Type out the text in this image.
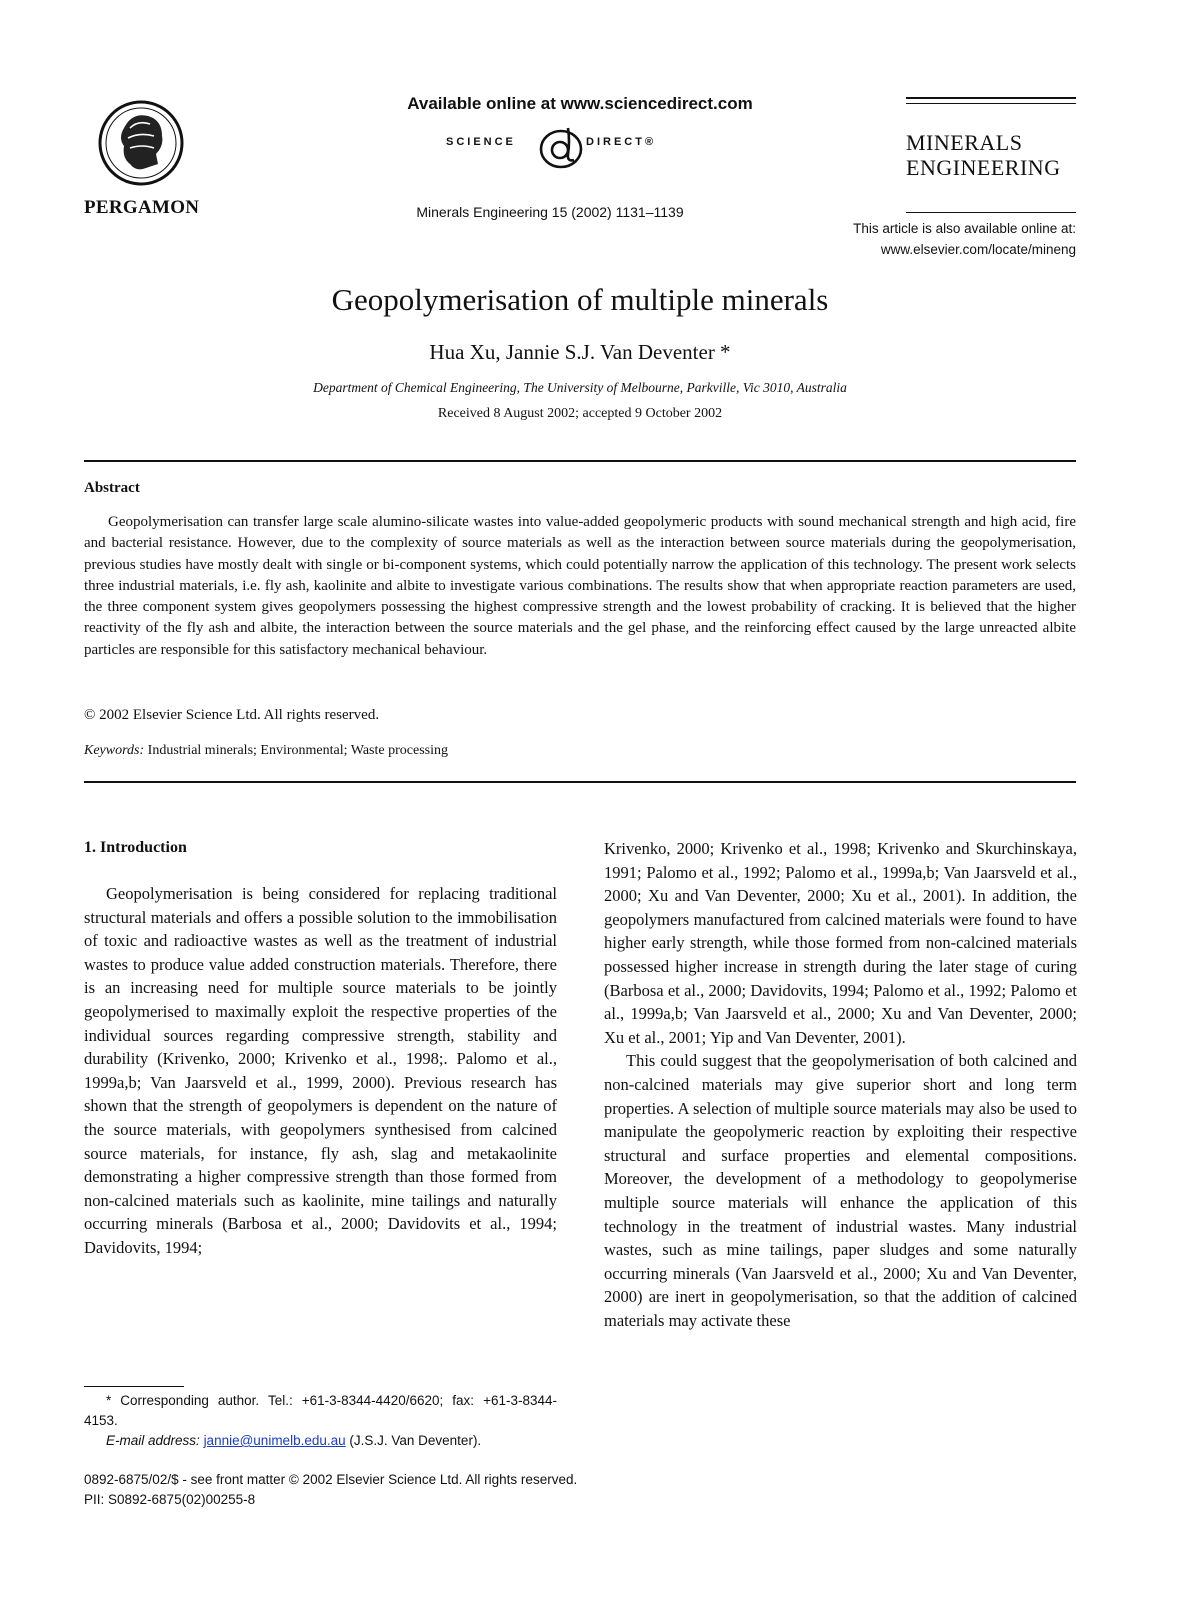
PERGAMON
Available online at www.sciencedirect.com
SCIENCE	DIRECT®
Minerals Engineering 15 (2002) 1131–1139
MINERALS
ENGINEERING
This article is also available online at:
www.elsevier.com/locate/mineng
Geopolymerisation of multiple minerals
Hua Xu, Jannie S.J. Van Deventer *
Department of Chemical Engineering, The University of Melbourne, Parkville, Vic 3010, Australia
Received 8 August 2002; accepted 9 October 2002
Abstract

Geopolymerisation can transfer large scale alumino-silicate wastes into value-added geopolymeric products with sound mechanical strength and high acid, fire and bacterial resistance. However, due to the complexity of source materials as well as the interaction between source materials during the geopolymerisation, previous studies have mostly dealt with single or bi-component systems, which could potentially narrow the application of this technology. The present work selects three industrial materials, i.e. fly ash, kaolinite and albite to investigate various combinations. The results show that when appropriate reaction parameters are used, the three component system gives geopolymers possessing the highest compressive strength and the lowest probability of cracking. It is believed that the higher reactivity of the fly ash and albite, the interaction between the source materials and the gel phase, and the reinforcing effect caused by the large unreacted albite particles are responsible for this satisfactory mechanical behaviour.

© 2002 Elsevier Science Ltd. All rights reserved.
Keywords: Industrial minerals; Environmental; Waste processing
1. Introduction

Geopolymerisation is being considered for replacing traditional structural materials and offers a possible solution to the immobilisation of toxic and radioactive wastes as well as the treatment of industrial wastes to produce value added construction materials. Therefore, there is an increasing need for multiple source materials to be jointly geopolymerised to maximally exploit the respective properties of the individual sources regarding compressive strength, stability and durability (Krivenko, 2000; Krivenko et al., 1998;. Palomo et al., 1999a,b; Van Jaarsveld et al., 1999, 2000). Previous research has shown that the strength of geopolymers is dependent on the nature of the source materials, with geopolymers synthesised from calcined source materials, for instance, fly ash, slag and metakaolinite demonstrating a higher compressive strength than those formed from non-calcined materials such as kaolinite, mine tailings and naturally occurring minerals (Barbosa et al., 2000; Davidovits et al., 1994; Davidovits, 1994;

Krivenko, 2000; Krivenko et al., 1998; Krivenko and Skurchinskaya, 1991; Palomo et al., 1992; Palomo et al., 1999a,b; Van Jaarsveld et al., 2000; Xu and Van Deventer, 2000; Xu et al., 2001). In addition, the geopolymers manufactured from calcined materials were found to have higher early strength, while those formed from non-calcined materials possessed higher increase in strength during the later stage of curing (Barbosa et al., 2000; Davidovits, 1994; Palomo et al., 1992; Palomo et al., 1999a,b; Van Jaarsveld et al., 2000; Xu and Van Deventer, 2000; Xu et al., 2001; Yip and Van Deventer, 2001).

This could suggest that the geopolymerisation of both calcined and non-calcined materials may give superior short and long term properties. A selection of multiple source materials may also be used to manipulate the geopolymeric reaction by exploiting their respective structural and surface properties and elemental compositions. Moreover, the development of a methodology to geopolymerise multiple source materials will enhance the application of this technology in the treatment of industrial wastes. Many industrial wastes, such as mine tailings, paper sludges and some naturally occurring minerals (Van Jaarsveld et al., 2000; Xu and Van Deventer, 2000) are inert in geopolymerisation, so that the addition of calcined materials may activate these

* Corresponding author. Tel.: +61-3-8344-4420/6620; fax: +61-3-8344-4153.

E-mail address: jannie@unimelb.edu.au (J.S.J. Van Deventer).

0892-6875/02/$ - see front matter © 2002 Elsevier Science Ltd. All rights reserved.
PII: S0892-6875(02)00255-8
